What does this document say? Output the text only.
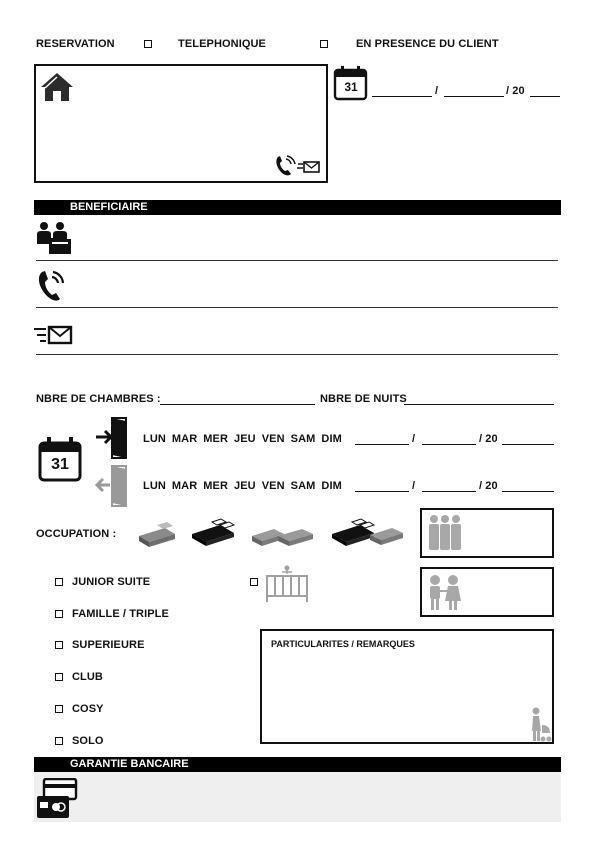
RESERVATION	TELEPHONIQUE	EN PRESENCE DU CLIENT
31	/	/ 20
BENEFICIAIRE
NBRE DE CHAMBRES :	NBRE DE NUITS
31
LUN MAR MER JEU VEN SAM DIM	/	/ 20
LUN MAR MER JEU VEN SAM DIM	/	/ 20
OCCUPATION :
JUNIOR SUITE
FAMILLE / TRIPLE
SUPERIEURE
CLUB
COSY
SOLO
PARTICULARITES / REMARQUES
GARANTIE BANCAIRE
